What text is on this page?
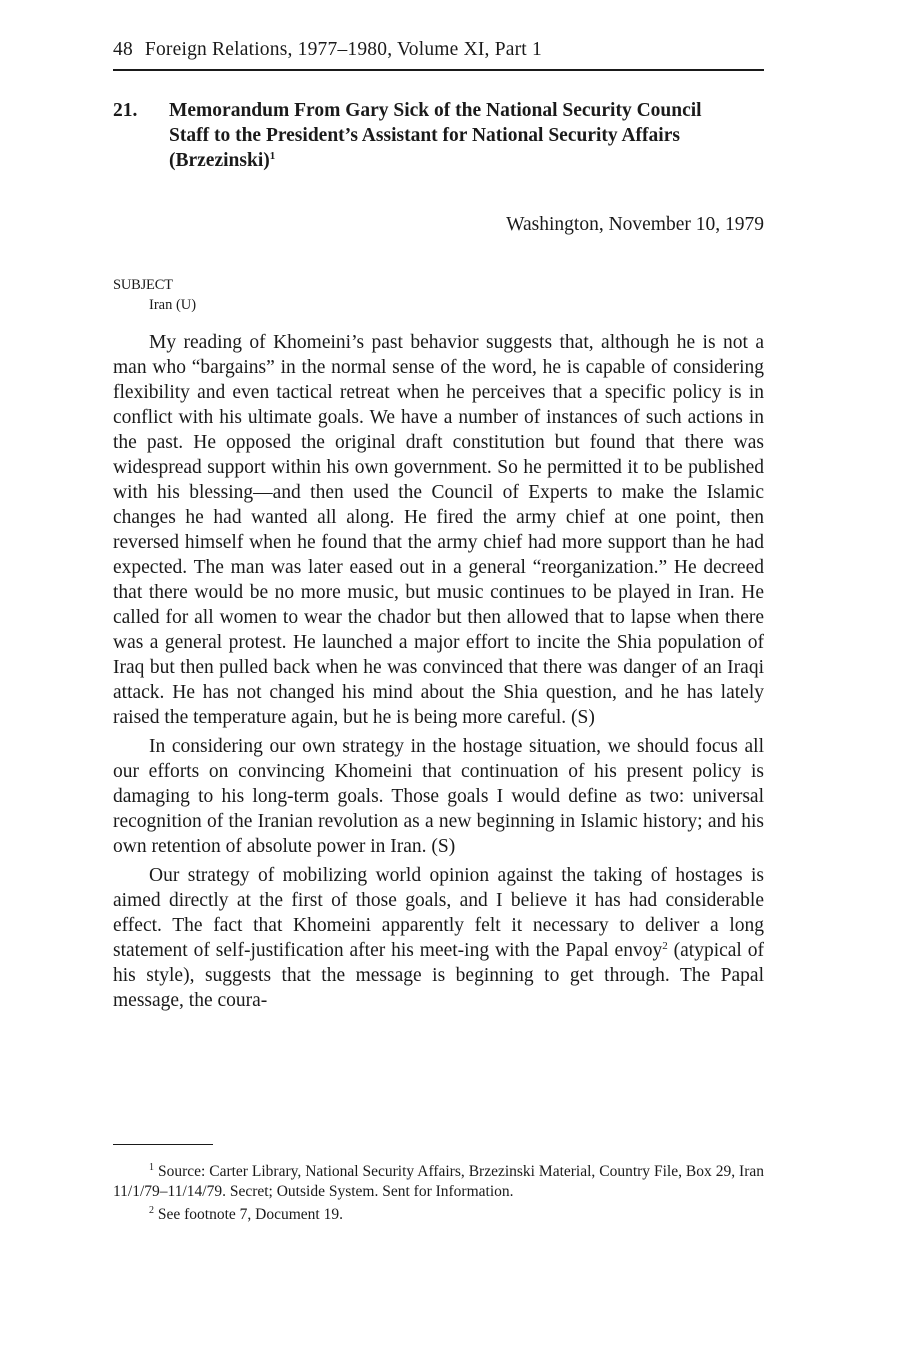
48 Foreign Relations, 1977–1980, Volume XI, Part 1
21. Memorandum From Gary Sick of the National Security Council Staff to the President’s Assistant for National Security Affairs (Brzezinski)$^1$
Washington, November 10, 1979
SUBJECT
Iran (U)

My reading of Khomeini’s past behavior suggests that, although he is not a man who “bargains” in the normal sense of the word, he is capable of considering flexibility and even tactical retreat when he perceives that a specific policy is in conflict with his ultimate goals. We have a number of instances of such actions in the past. He opposed the original draft constitution but found that there was widespread support within his own government. So he permitted it to be published with his blessing—and then used the Council of Experts to make the Islamic changes he had wanted all along. He fired the army chief at one point, then reversed himself when he found that the army chief had more support than he had expected. The man was later eased out in a general “reorganization.” He decreed that there would be no more music, but music continues to be played in Iran. He called for all women to wear the chador but then allowed that to lapse when there was a general protest. He launched a major effort to incite the Shia population of Iraq but then pulled back when he was convinced that there was danger of an Iraqi attack. He has not changed his mind about the Shia question, and he has lately raised the temperature again, but he is being more careful. (S)

In considering our own strategy in the hostage situation, we should focus all our efforts on convincing Khomeini that continuation of his present policy is damaging to his long-term goals. Those goals I would define as two: universal recognition of the Iranian revolution as a new beginning in Islamic history; and his own retention of absolute power in Iran. (S)

Our strategy of mobilizing world opinion against the taking of hostages is aimed directly at the first of those goals, and I believe it has had considerable effect. The fact that Khomeini apparently felt it necessary to deliver a long statement of self-justification after his meet-ing with the Papal envoy$^2$ (atypical of his style), suggests that the message is beginning to get through. The Papal message, the coura-

$^1$ Source: Carter Library, National Security Affairs, Brzezinski Material, Country File, Box 29, Iran 11/1/79–11/14/79. Secret; Outside System. Sent for Information.

$^2$ See footnote 7, Document 19.
